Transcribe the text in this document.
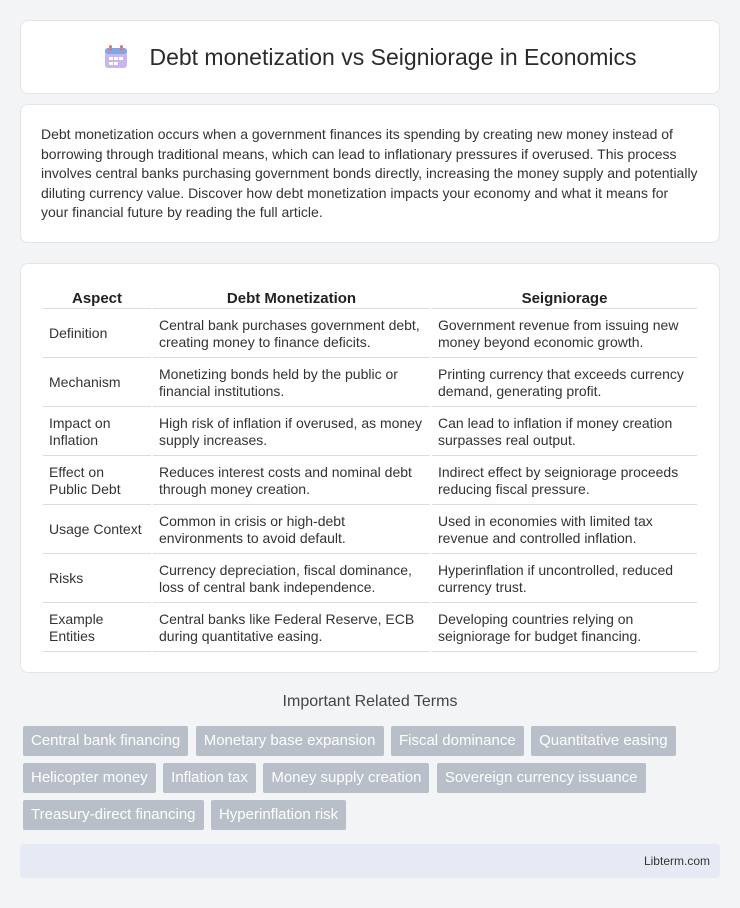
Debt monetization vs Seigniorage in Economics

Debt monetization occurs when a government finances its spending by creating new money instead of borrowing through traditional means, which can lead to inflationary pressures if overused. This process involves central banks purchasing government bonds directly, increasing the money supply and potentially diluting currency value. Discover how debt monetization impacts your economy and what it means for your financial future by reading the full article.

Aspect	Debt Monetization	Seigniorage
Definition	Central bank purchases government debt, creating money to finance deficits.	Government revenue from issuing new money beyond economic growth.
Mechanism	Monetizing bonds held by the public or financial institutions.	Printing currency that exceeds currency demand, generating profit.
Impact on Inflation	High risk of inflation if overused, as money supply increases.	Can lead to inflation if money creation surpasses real output.
Effect on Public Debt	Reduces interest costs and nominal debt through money creation.	Indirect effect by seigniorage proceeds reducing fiscal pressure.
Usage Context	Common in crisis or high-debt environments to avoid default.	Used in economies with limited tax revenue and controlled inflation.
Risks	Currency depreciation, fiscal dominance, loss of central bank independence.	Hyperinflation if uncontrolled, reduced currency trust.
Example Entities	Central banks like Federal Reserve, ECB during quantitative easing.	Developing countries relying on seigniorage for budget financing.
Important Related Terms
Central bank financing Monetary base expansion Fiscal dominance Quantitative easing Helicopter money Inflation tax Money supply creation Sovereign currency issuance Treasury-direct financing Hyperinflation risk
Libterm.com
